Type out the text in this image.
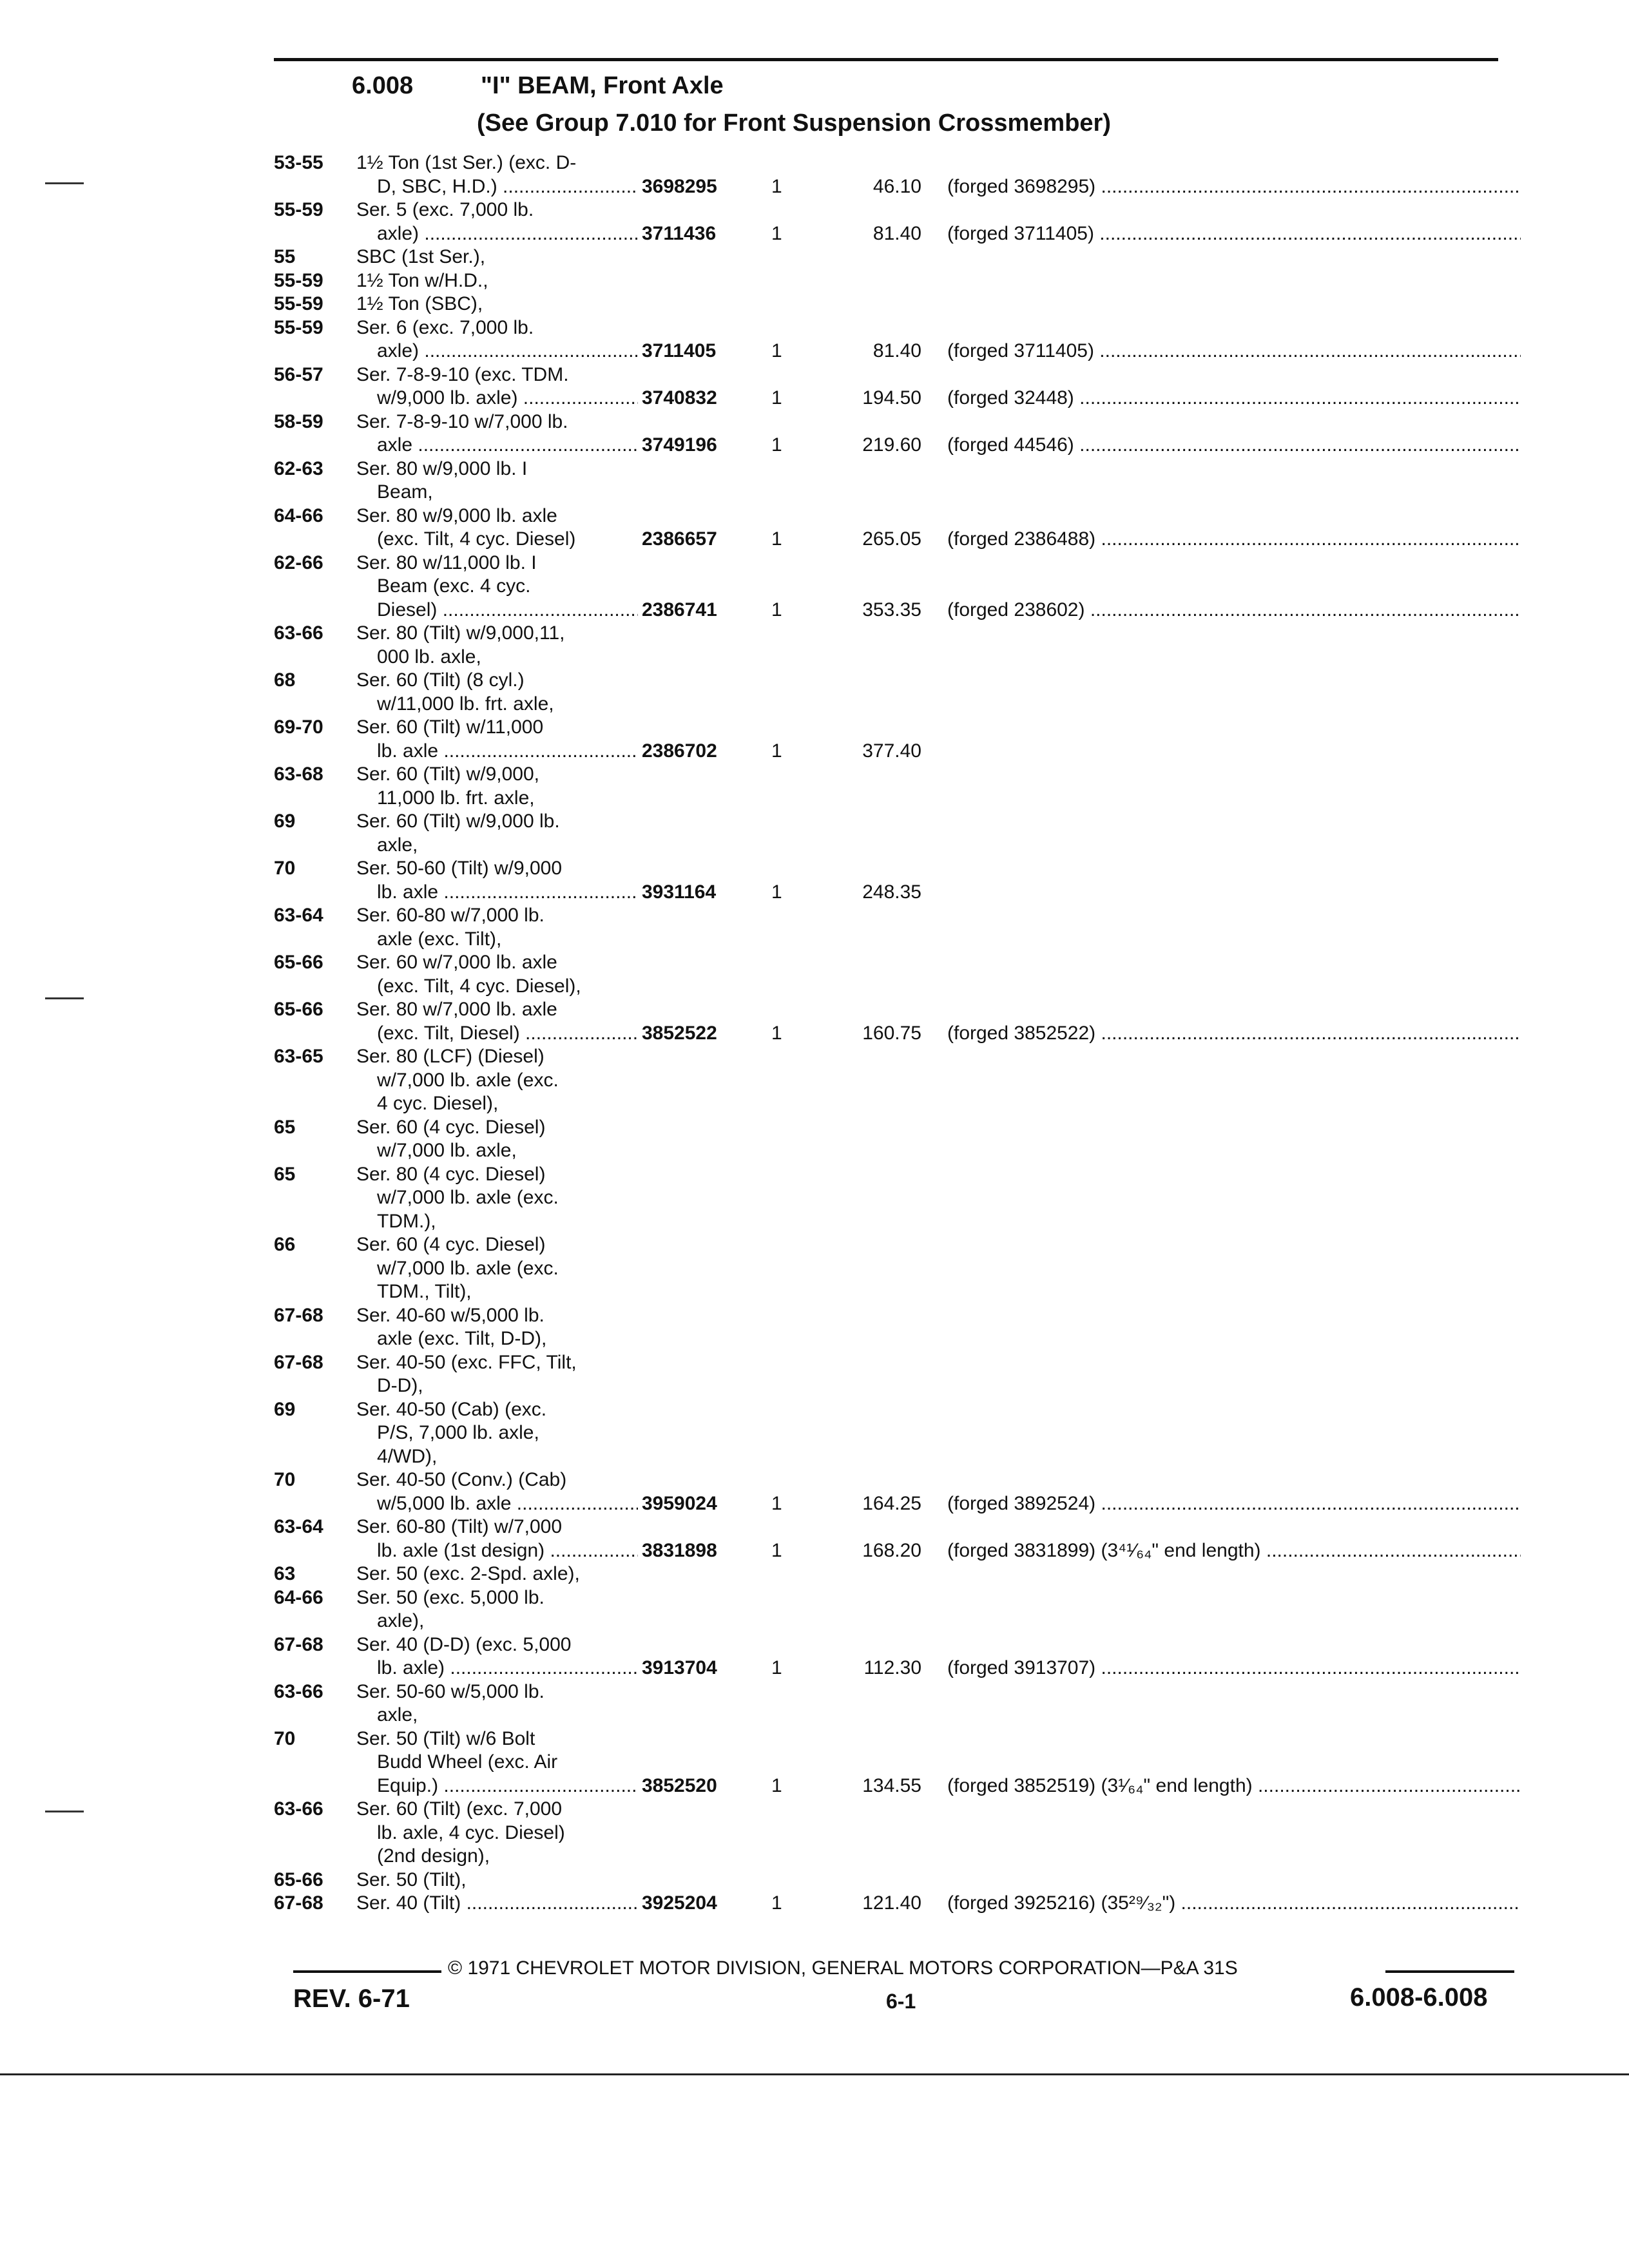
6.008	"I" BEAM, Front Axle
(See Group 7.010 for Front Suspension Crossmember)
53-55	1½ Ton (1st Ser.) (exc. D-
D, SBC, H.D.) .....	3698295	1	46.10 (forged 3698295) .....
55-59	Ser. 5 (exc. 7,000 lb.
axle) .....	3711436	1	81.40 (forged 3711405) .....
55	SBC (1st Ser.),
55-59	1½ Ton w/H.D.,
55-59	1½ Ton (SBC),
55-59	Ser. 6 (exc. 7,000 lb.
axle) .....	3711405	1	81.40 (forged 3711405) .....
56-57	Ser. 7-8-9-10 (exc. TDM.
w/9,000 lb. axle) .....	3740832	1	194.50 (forged 32448) .....
58-59	Ser. 7-8-9-10 w/7,000 lb.
axle .....	3749196	1	219.60 (forged 44546) .....
62-63	Ser. 80 w/9,000 lb. I
Beam,
64-66	Ser. 80 w/9,000 lb. axle
(exc. Tilt, 4 cyc. Diesel)	2386657	1	265.05 (forged 2386488) .....
62-66	Ser. 80 w/11,000 lb. I
Beam (exc. 4 cyc.
Diesel) .....	2386741	1	353.35 (forged 238602) .....
63-66	Ser. 80 (Tilt) w/9,000,11,
000 lb. axle,
68	Ser. 60 (Tilt) (8 cyl.)
w/11,000 lb. frt. axle,
69-70	Ser. 60 (Tilt) w/11,000
lb. axle .....	2386702	1	377.40
63-68	Ser. 60 (Tilt) w/9,000,
11,000 lb. frt. axle,
69	Ser. 60 (Tilt) w/9,000 lb.
axle,
70	Ser. 50-60 (Tilt) w/9,000
lb. axle .....	3931164	1	248.35
63-64	Ser. 60-80 w/7,000 lb.
axle (exc. Tilt),
65-66	Ser. 60 w/7,000 lb. axle
(exc. Tilt, 4 cyc. Diesel),
65-66	Ser. 80 w/7,000 lb. axle
(exc. Tilt, Diesel) .....	3852522	1	160.75 (forged 3852522) .....
63-65	Ser. 80 (LCF) (Diesel)
w/7,000 lb. axle (exc.
4 cyc. Diesel),
65	Ser. 60 (4 cyc. Diesel)
w/7,000 lb. axle,
65	Ser. 80 (4 cyc. Diesel)
w/7,000 lb. axle (exc.
TDM.),
66	Ser. 60 (4 cyc. Diesel)
w/7,000 lb. axle (exc.
TDM., Tilt),
67-68	Ser. 40-60 w/5,000 lb.
axle (exc. Tilt, D-D),
67-68	Ser. 40-50 (exc. FFC, Tilt,
D-D),
69	Ser. 40-50 (Cab) (exc.
P/S, 7,000 lb. axle,
4/WD),
70	Ser. 40-50 (Conv.) (Cab)
w/5,000 lb. axle .....	3959024	1	164.25 (forged 3892524) .....
63-64	Ser. 60-80 (Tilt) w/7,000
lb. axle (1st design) .....	3831898	1	168.20 (forged 3831899) (3⁴¹⁄₆₄" end length) .....
63	Ser. 50 (exc. 2-Spd. axle),
64-66	Ser. 50 (exc. 5,000 lb.
axle),
67-68	Ser. 40 (D-D) (exc. 5,000
lb. axle) .....	3913704	1	112.30 (forged 3913707) .....
63-66	Ser. 50-60 w/5,000 lb.
axle,
70	Ser. 50 (Tilt) w/6 Bolt
Budd Wheel (exc. Air
Equip.) .....	3852520	1	134.55 (forged 3852519) (3¹⁄₆₄" end length) .....
63-66	Ser. 60 (Tilt) (exc. 7,000
lb. axle, 4 cyc. Diesel)
(2nd design),
65-66	Ser. 50 (Tilt),
67-68	Ser. 40 (Tilt) .....	3925204	1	121.40 (forged 3925216) (35²⁹⁄₃₂") .....
© 1971 CHEVROLET MOTOR DIVISION, GENERAL MOTORS CORPORATION—P&A 31S
REV. 6-71	6-1	6.008-6.008
